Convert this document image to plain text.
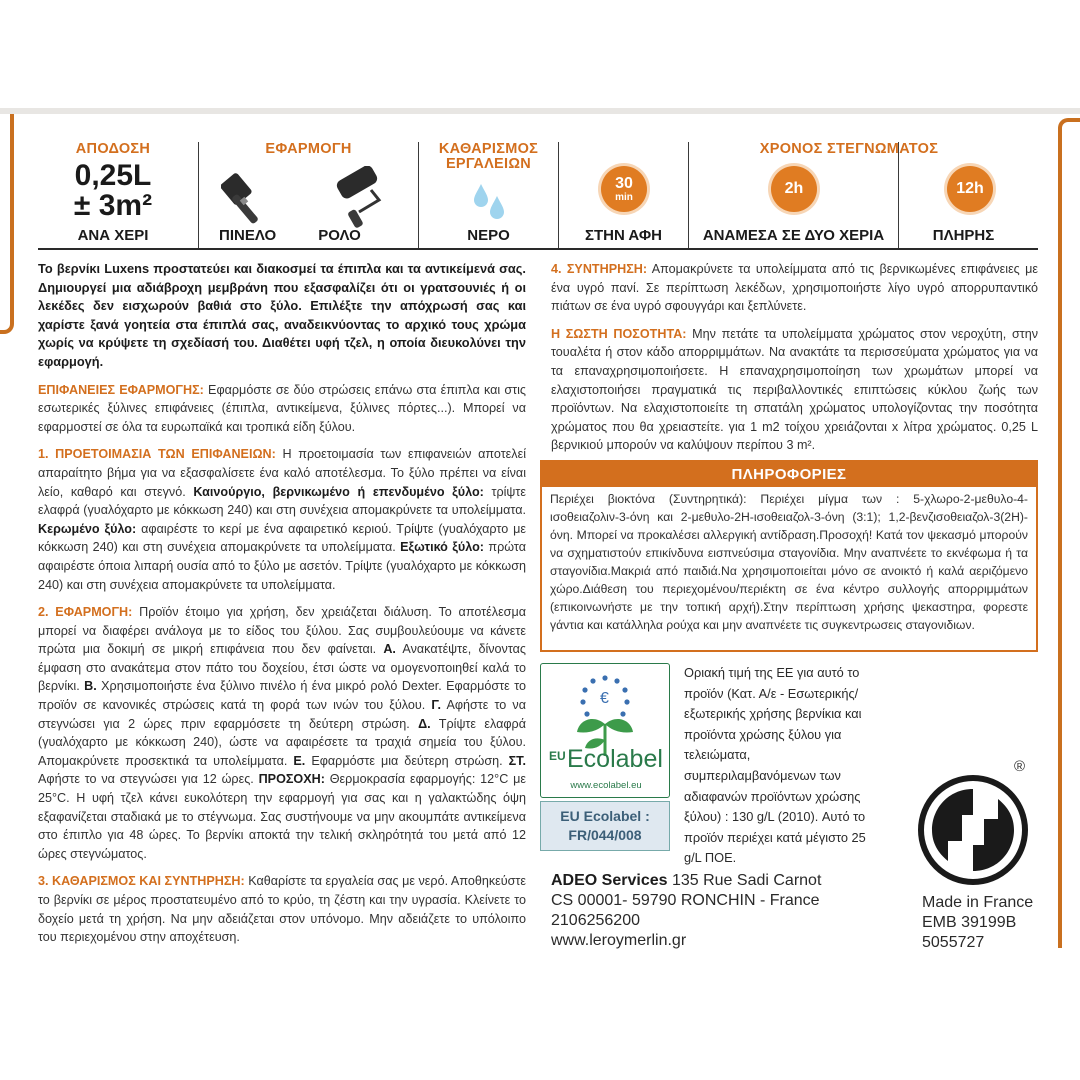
ΑΠΟΔΟΣΗ
0,25L
± 3m²
ΑΝΑ ΧΕΡΙ
ΕΦΑΡΜΟΓΗ
ΠΙΝΕΛΟ	ΡΟΛΟ
ΚΑΘΑΡΙΣΜΟΣ
ΕΡΓΑΛΕΙΩΝ
ΝΕΡΟ
30
min
ΣΤΗΝ ΑΦΗ
ΧΡΟΝΟΣ ΣΤΕΓΝΩΜΑΤΟΣ
2h
ΑΝΑΜΕΣΑ ΣΕ ΔΥΟ ΧΕΡΙΑ
12h
ΠΛΗΡΗΣ

Το βερνίκι Luxens προστατεύει και διακοσμεί τα έπιπλα και τα αντικείμενά σας. Δημιουργεί μια αδιάβροχη μεμβράνη που εξασφαλίζει ότι οι γρατσουνιές ή οι λεκέδες δεν εισχωρούν βαθιά στο ξύλο. Επιλέξτε την απόχρωσή σας και χαρίστε ξανά γοητεία στα έπιπλά σας, αναδεικνύοντας το αρχικό τους χρώμα χωρίς να κρύψετε τη σχεδίασή του. Διαθέτει υφή τζελ, η οποία διευκολύνει την εφαρμογή.

ΕΠΙΦΑΝΕΙΕΣ ΕΦΑΡΜΟΓΗΣ: Εφαρμόστε σε δύο στρώσεις επάνω στα έπιπλα και στις εσωτερικές ξύλινες επιφάνειες (έπιπλα, αντικείμενα, ξύλινες πόρτες...). Μπορεί να εφαρμοστεί σε όλα τα ευρωπαϊκά και τροπικά είδη ξύλου.

1. ΠΡΟΕΤΟΙΜΑΣΙΑ ΤΩΝ ΕΠΙΦΑΝΕΙΩΝ: Η προετοιμασία των επιφανειών αποτελεί απαραίτητο βήμα για να εξασφαλίσετε ένα καλό αποτέλεσμα. Το ξύλο πρέπει να είναι λείο, καθαρό και στεγνό. Καινούργιο, βερνικωμένο ή επενδυμένο ξύλο: τρίψτε ελαφρά (γυαλόχαρτο με κόκκωση 240) και στη συνέχεια απομακρύνετε τα υπολείμματα. Κερωμένο ξύλο: αφαιρέστε το κερί με ένα αφαιρετικό κεριού. Τρίψτε (γυαλόχαρτο με κόκκωση 240) και στη συνέχεια απομακρύνετε τα υπολείμματα. Εξωτικό ξύλο: πρώτα αφαιρέστε όποια λιπαρή ουσία από το ξύλο με ασετόν. Τρίψτε (γυαλόχαρτο με κόκκωση 240) και στη συνέχεια απομακρύνετε τα υπολείμματα.

2. ΕΦΑΡΜΟΓΗ: Προϊόν έτοιμο για χρήση, δεν χρειάζεται διάλυση. Το αποτέλεσμα μπορεί να διαφέρει ανάλογα με το είδος του ξύλου. Σας συμβουλεύουμε να κάνετε πρώτα μια δοκιμή σε μικρή επιφάνεια που δεν φαίνεται. Α. Ανακατέψτε, δίνοντας έμφαση στο ανακάτεμα στον πάτο του δοχείου, έτσι ώστε να ομογενοποιηθεί καλά το βερνίκι. Β. Χρησιμοποιήστε ένα ξύλινο πινέλο ή ένα μικρό ρολό Dexter. Εφαρμόστε το προϊόν σε κανονικές στρώσεις κατά τη φορά των ινών του ξύλου. Γ. Αφήστε το να στεγνώσει για 2 ώρες πριν εφαρμόσετε τη δεύτερη στρώση. Δ. Τρίψτε ελαφρά (γυαλόχαρτο με κόκκωση 240), ώστε να αφαιρέσετε τα τραχιά σημεία του ξύλου. Απομακρύνετε προσεκτικά τα υπολείμματα. Ε. Εφαρμόστε μια δεύτερη στρώση. ΣΤ. Αφήστε το να στεγνώσει για 12 ώρες. ΠΡΟΣΟΧΗ: Θερμοκρασία εφαρμογής: 12°C με 25°C. Η υφή τζελ κάνει ευκολότερη την εφαρμογή για σας και η γαλακτώδης όψη εξαφανίζεται σταδιακά με το στέγνωμα. Σας συστήνουμε να μην ακουμπάτε αντικείμενα στο έπιπλο για 48 ώρες. Το βερνίκι αποκτά την τελική σκληρότητά του μετά από 12 ώρες στεγνώματος.

3. ΚΑΘΑΡΙΣΜΟΣ ΚΑΙ ΣΥΝΤΗΡΗΣΗ: Καθαρίστε τα εργαλεία σας με νερό. Αποθηκεύστε το βερνίκι σε μέρος προστατευμένο από το κρύο, τη ζέστη και την υγρασία. Κλείνετε το δοχείο μετά τη χρήση. Να μην αδειάζεται στον υπόνομο. Μην αδειάζετε το υπόλοιπο του περιεχομένου στην αποχέτευση.

4. ΣΥΝΤΗΡΗΣΗ: Απομακρύνετε τα υπολείμματα από τις βερνικωμένες επιφάνειες με ένα υγρό πανί. Σε περίπτωση λεκέδων, χρησιμοποιήστε λίγο υγρό απορρυπαντικό πιάτων σε ένα υγρό σφουγγάρι και ξεπλύνετε.

Η ΣΩΣΤΗ ΠΟΣΟΤΗΤΑ: Μην πετάτε τα υπολείμματα χρώματος στον νεροχύτη, στην τουαλέτα ή στον κάδο απορριμμάτων. Να ανακτάτε τα περισσεύματα χρώματος για να τα επαναχρησιμοποιήσετε. Η επαναχρησιμοποίηση των χρωμάτων μπορεί να ελαχιστοποιήσει πραγματικά τις περιβαλλοντικές επιπτώσεις κύκλου ζωής των προϊόντων. Να ελαχιστοποιείτε τη σπατάλη χρώματος υπολογίζοντας την ποσότητα χρώματος που θα χρειαστείτε. για 1 m2 τοίχου χρειάζονται x λίτρα χρώματος. 0,25 L βερνικιού μπορούν να καλύψουν περίπου 3 m².

ΠΛΗΡΟΦΟΡΙΕΣ
Περιέχει βιοκτόνα (Συντηρητικά): Περιέχει μίγμα των : 5-χλωρο-2-μεθυλο-4-ισοθειαζολιν-3-όνη και 2-μεθυλο-2Η-ισοθειαζολ-3-όνη (3:1); 1,2-βενζισοθειαζολ-3(2Η)-όνη. Μπορεί να προκαλέσει αλλεργική αντίδραση.Προσοχή! Κατά τον ψεκασμό μπορούν να σχηματιστούν επικίνδυνα εισπνεύσιμα σταγονίδια. Μην αναπνέετε το εκνέφωμα ή τα σταγονίδια.Μακριά από παιδιά.Να χρησιμοποιείται μόνο σε ανοικτό ή καλά αεριζόμενο χώρο.Διάθεση του περιεχομένου/περιέκτη σε ένα κέντρο συλλογής απορριμμάτων (επικοινωνήστε με την τοπική αρχή).Στην περίπτωση χρήσης ψεκαστηρα, φορεστε γάντια και κατάλληλα ρούχα και μην αναπνέετε τις συγκεντρωσεις σταγονιδιων.
€
EU Ecolabel
www.ecolabel.eu
EU Ecolabel :
FR/044/008
Οριακή τιμή της ΕΕ για αυτό το προϊόν (Κατ. Α/ε - Εσωτερικής/ εξωτερικής χρήσης βερνίκια και προϊόντα χρώσης ξύλου για τελειώματα, συμπεριλαμβανόμενων των αδιαφανών προϊόντων χρώσης ξύλου) : 130 g/L (2010). Αυτό το προϊόν περιέχει κατά μέγιστο 25 g/L ΠΟΕ.
ADEO Services 135 Rue Sadi Carnot
CS 00001- 59790 RONCHIN - France
2106256200
www.leroymerlin.gr
®
Made in France
EMB 39199B
5055727
